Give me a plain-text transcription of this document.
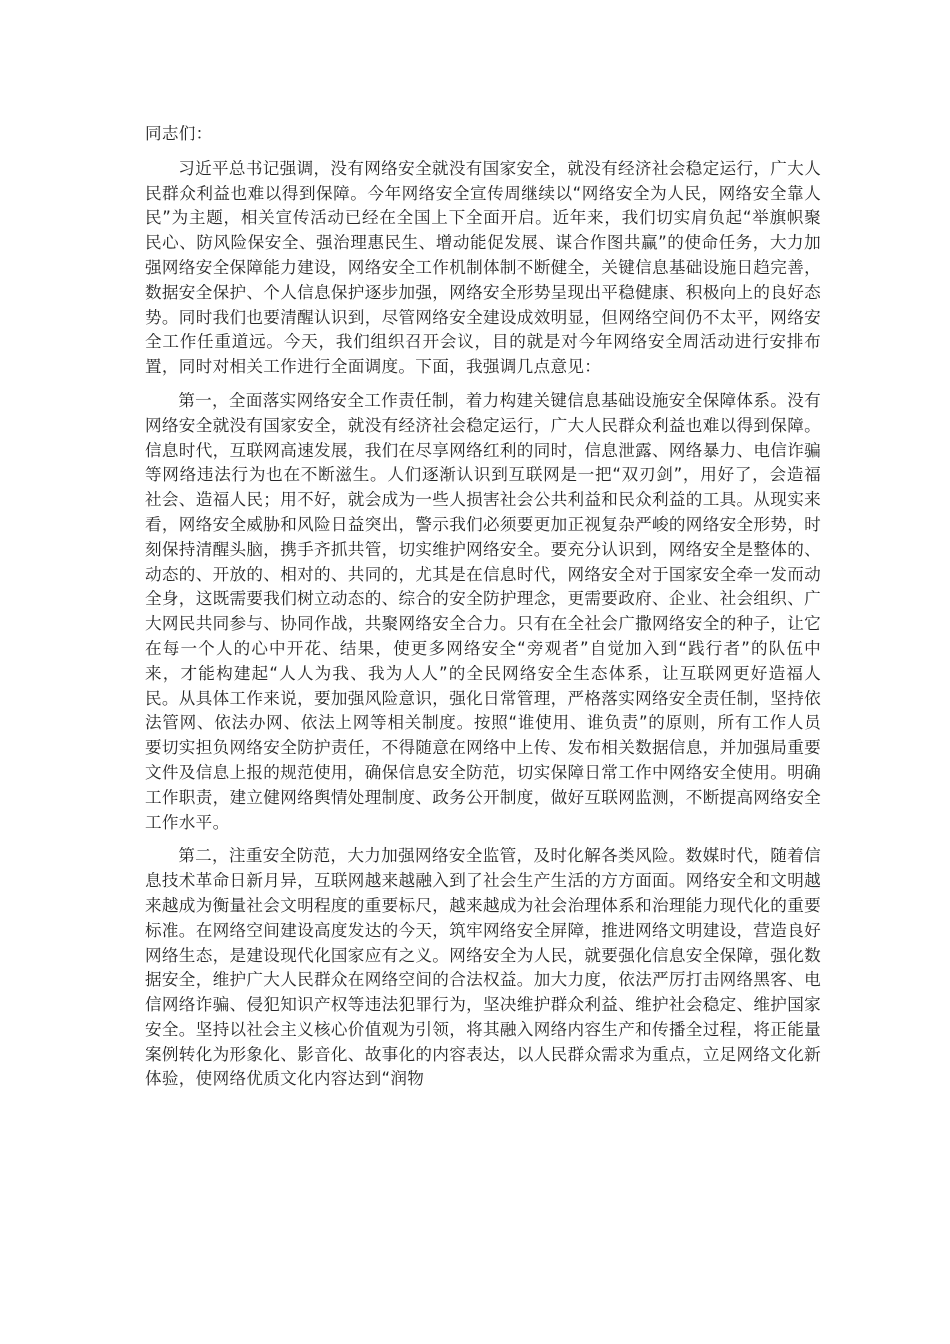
同志们：

习近平总书记强调，没有网络安全就没有国家安全，就没有经济社会稳定运行，广大人民群众利益也难以得到保障。今年网络安全宣传周继续以“网络安全为人民，网络安全靠人民”为主题，相关宣传活动已经在全国上下全面开启。近年来，我们切实肩负起“举旗帜聚民心、防风险保安全、强治理惠民生、增动能促发展、谋合作图共赢”的使命任务，大力加强网络安全保障能力建设，网络安全工作机制体制不断健全，关键信息基础设施日趋完善，数据安全保护、个人信息保护逐步加强，网络安全形势呈现出平稳健康、积极向上的良好态势。同时我们也要清醒认识到，尽管网络安全建设成效明显，但网络空间仍不太平，网络安全工作任重道远。今天，我们组织召开会议，目的就是对今年网络安全周活动进行安排布置，同时对相关工作进行全面调度。下面，我强调几点意见：

第一，全面落实网络安全工作责任制，着力构建关键信息基础设施安全保障体系。没有网络安全就没有国家安全，就没有经济社会稳定运行，广大人民群众利益也难以得到保障。信息时代，互联网高速发展，我们在尽享网络红利的同时，信息泄露、网络暴力、电信诈骗等网络违法行为也在不断滋生。人们逐渐认识到互联网是一把“双刃剑”，用好了，会造福社会、造福人民；用不好，就会成为一些人损害社会公共利益和民众利益的工具。从现实来看，网络安全威胁和风险日益突出，警示我们必须要更加正视复杂严峻的网络安全形势，时刻保持清醒头脑，携手齐抓共管，切实维护网络安全。要充分认识到，网络安全是整体的、动态的、开放的、相对的、共同的，尤其是在信息时代，网络安全对于国家安全牵一发而动全身，这既需要我们树立动态的、综合的安全防护理念，更需要政府、企业、社会组织、广大网民共同参与、协同作战，共聚网络安全合力。只有在全社会广撒网络安全的种子，让它在每一个人的心中开花、结果，使更多网络安全“旁观者”自觉加入到“践行者”的队伍中来，才能构建起“人人为我、我为人人”的全民网络安全生态体系，让互联网更好造福人民。从具体工作来说，要加强风险意识，强化日常管理，严格落实网络安全责任制，坚持依法管网、依法办网、依法上网等相关制度。按照“谁使用、谁负责”的原则，所有工作人员要切实担负网络安全防护责任，不得随意在网络中上传、发布相关数据信息，并加强局重要文件及信息上报的规范使用，确保信息安全防范，切实保障日常工作中网络安全使用。明确工作职责，建立健网络舆情处理制度、政务公开制度，做好互联网监测，不断提高网络安全工作水平。

第二，注重安全防范，大力加强网络安全监管，及时化解各类风险。数媒时代，随着信息技术革命日新月异，互联网越来越融入到了社会生产生活的方方面面。网络安全和文明越来越成为衡量社会文明程度的重要标尺，越来越成为社会治理体系和治理能力现代化的重要标准。在网络空间建设高度发达的今天，筑牢网络安全屏障，推进网络文明建设，营造良好网络生态，是建设现代化国家应有之义。网络安全为人民，就要强化信息安全保障，强化数据安全，维护广大人民群众在网络空间的合法权益。加大力度，依法严厉打击网络黑客、电信网络诈骗、侵犯知识产权等违法犯罪行为，坚决维护群众利益、维护社会稳定、维护国家安全。坚持以社会主义核心价值观为引领，将其融入网络内容生产和传播全过程，将正能量案例转化为形象化、影音化、故事化的内容表达，以人民群众需求为重点，立足网络文化新体验，使网络优质文化内容达到“润物
